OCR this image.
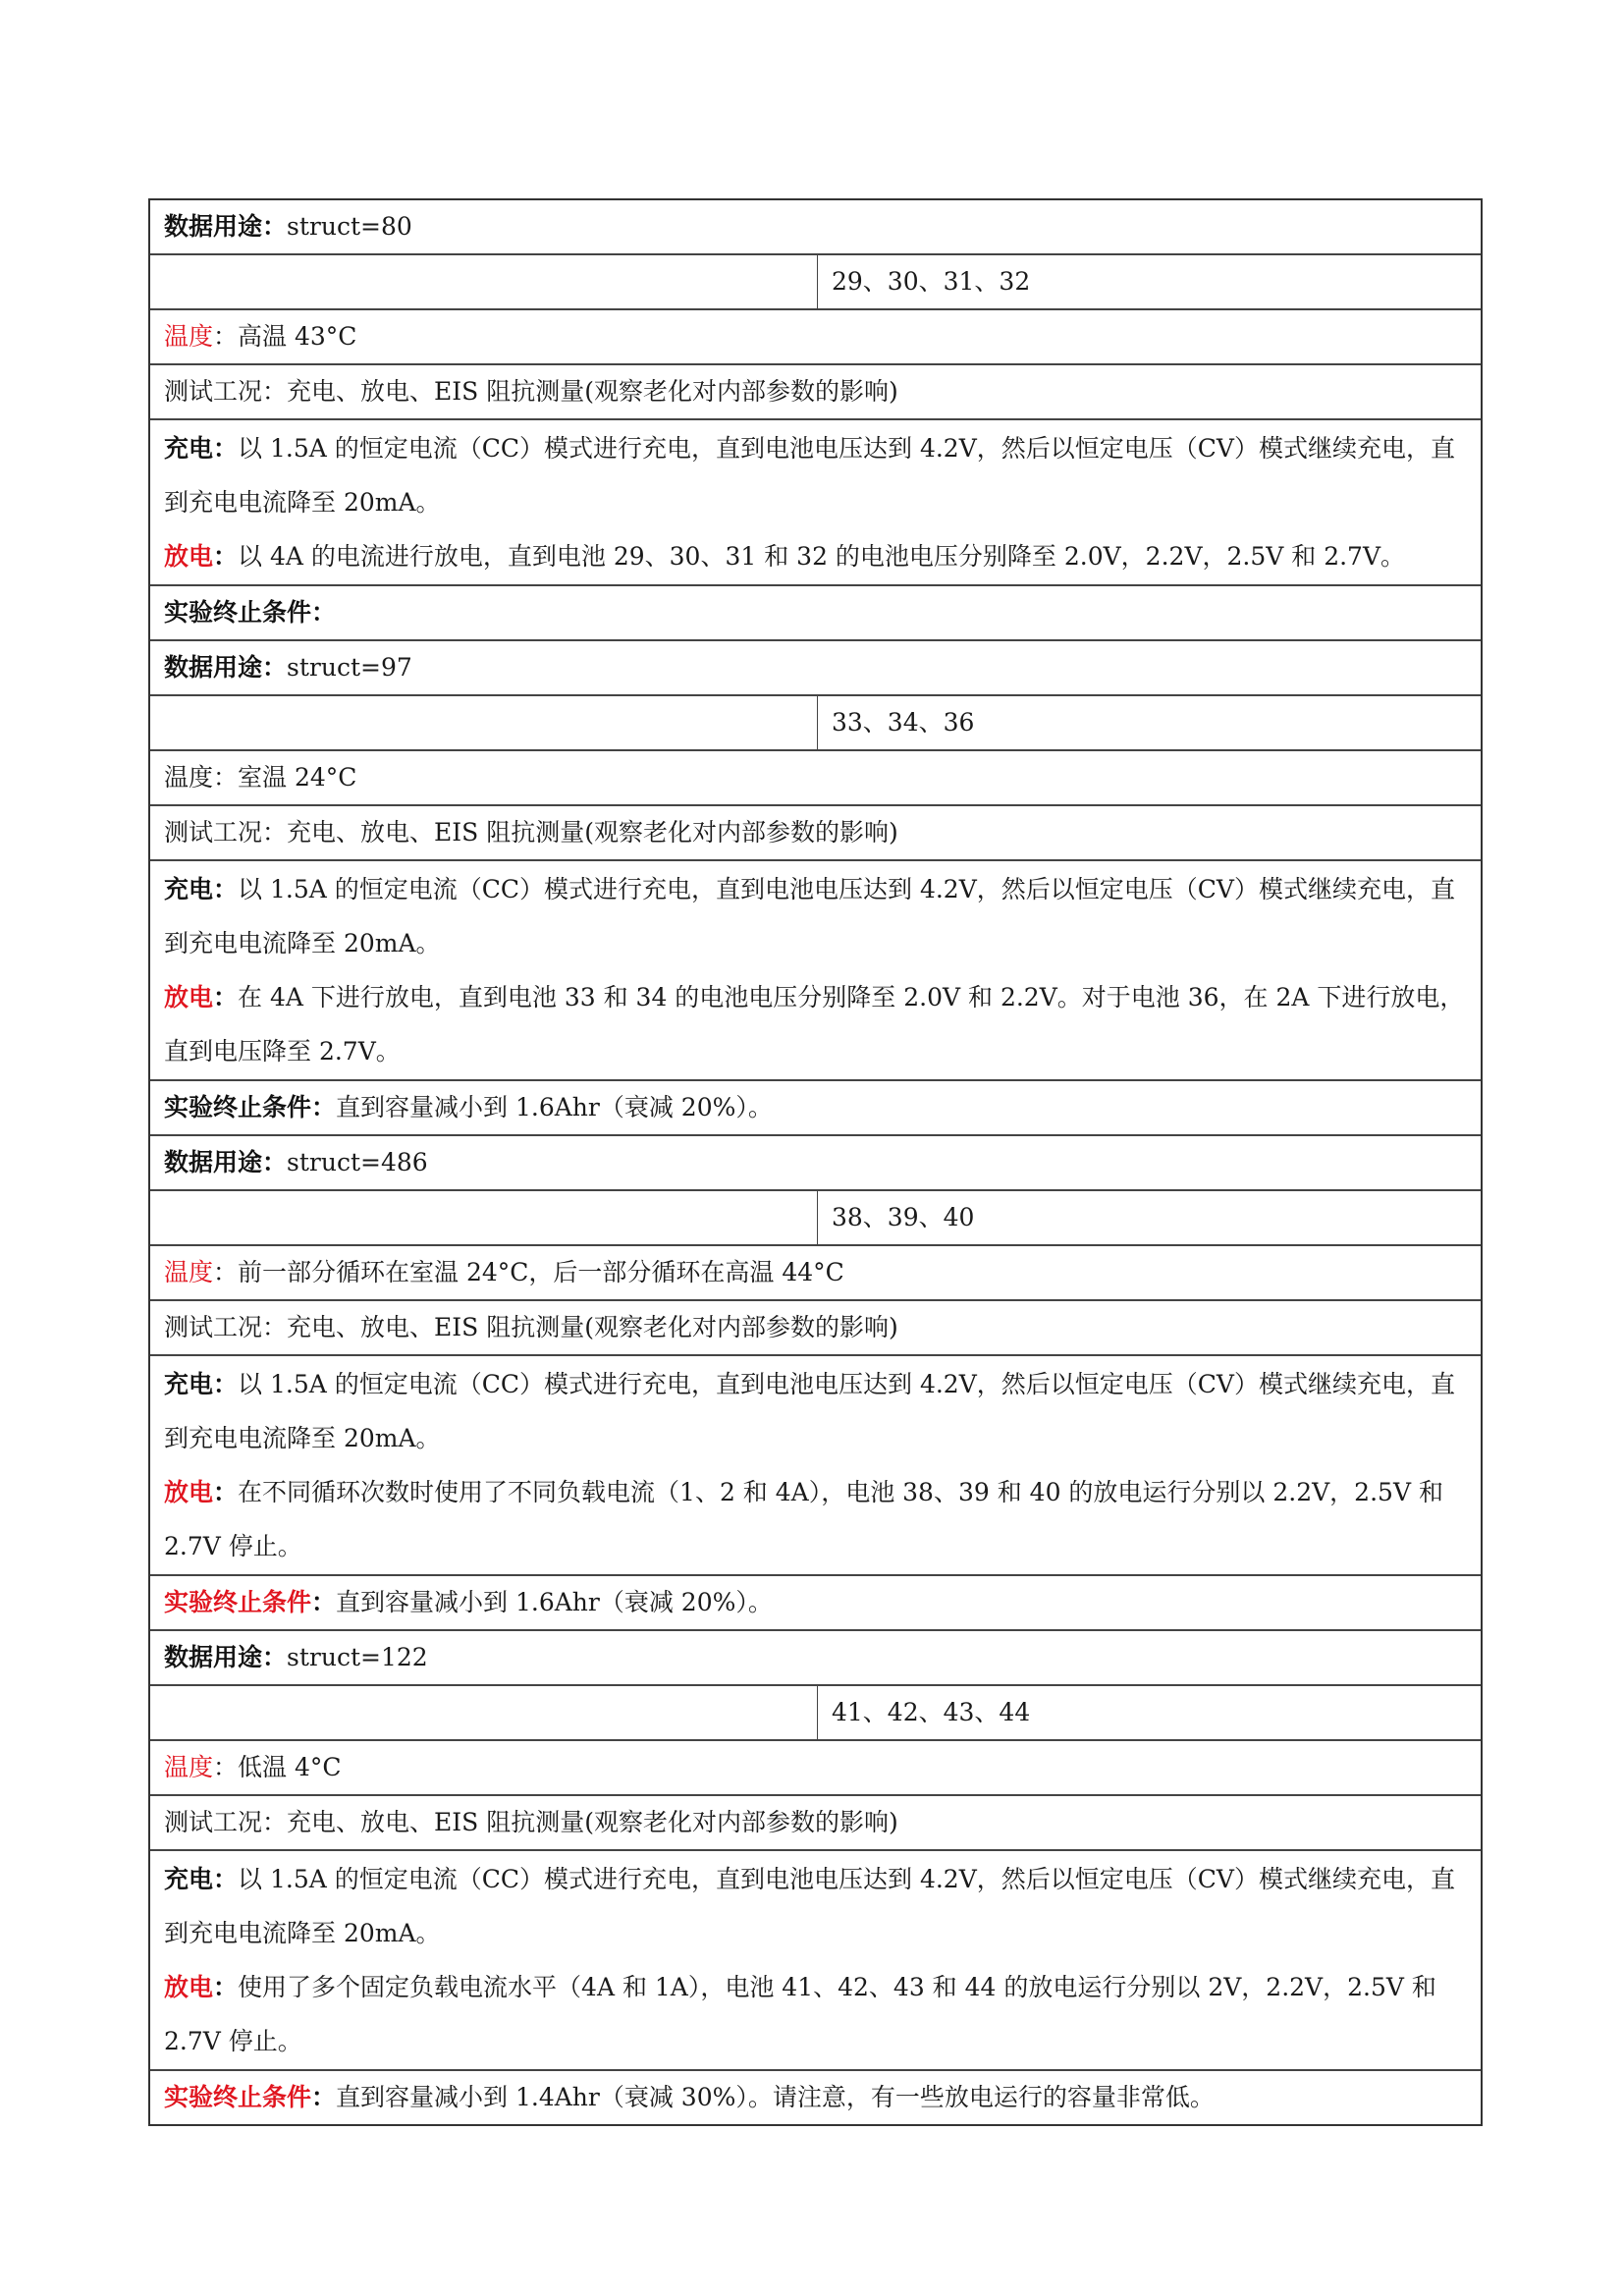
数据用途：struct=80
29、30、31、32
温度：高温 43°C
测试工况：充电、放电、EIS 阻抗测量(观察老化对内部参数的影响)
充电：以 1.5A 的恒定电流（CC）模式进行充电，直到电池电压达到 4.2V，然后以恒定电压（CV）模式继续充电，直到充电电流降至 20mA。
放电：以 4A 的电流进行放电，直到电池 29、30、31 和 32 的电池电压分别降至 2.0V，2.2V，2.5V 和 2.7V。
实验终止条件：
数据用途：struct=97
33、34、36
温度：室温 24°C
测试工况：充电、放电、EIS 阻抗测量(观察老化对内部参数的影响)
充电：以 1.5A 的恒定电流（CC）模式进行充电，直到电池电压达到 4.2V，然后以恒定电压（CV）模式继续充电，直到充电电流降至 20mA。
放电：在 4A 下进行放电，直到电池 33 和 34 的电池电压分别降至 2.0V 和 2.2V。对于电池 36，在 2A 下进行放电，直到电压降至 2.7V。
实验终止条件：直到容量减小到 1.6Ahr（衰减 20%）。
数据用途：struct=486
38、39、40
温度：前一部分循环在室温 24°C，后一部分循环在高温 44°C
测试工况：充电、放电、EIS 阻抗测量(观察老化对内部参数的影响)
充电：以 1.5A 的恒定电流（CC）模式进行充电，直到电池电压达到 4.2V，然后以恒定电压（CV）模式继续充电，直到充电电流降至 20mA。
放电：在不同循环次数时使用了不同负载电流（1、2 和 4A），电池 38、39 和 40 的放电运行分别以 2.2V，2.5V 和 2.7V 停止。
实验终止条件：直到容量减小到 1.6Ahr（衰减 20%）。
数据用途：struct=122
41、42、43、44
温度：低温 4°C
测试工况：充电、放电、EIS 阻抗测量(观察老化对内部参数的影响)
充电：以 1.5A 的恒定电流（CC）模式进行充电，直到电池电压达到 4.2V，然后以恒定电压（CV）模式继续充电，直到充电电流降至 20mA。
放电：使用了多个固定负载电流水平（4A 和 1A），电池 41、42、43 和 44 的放电运行分别以 2V，2.2V，2.5V 和 2.7V 停止。
实验终止条件：直到容量减小到 1.4Ahr（衰减 30%）。请注意，有一些放电运行的容量非常低。
